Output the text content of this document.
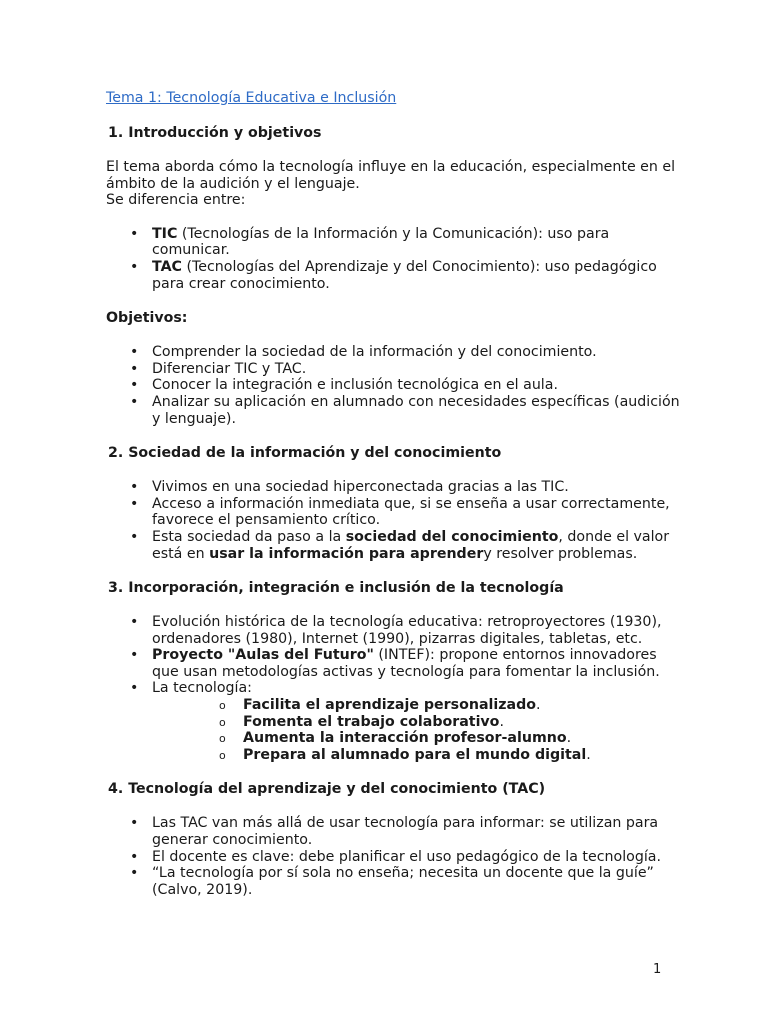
Tema 1: Tecnología Educativa e Inclusión
1. Introducción y objetivos

El tema aborda cómo la tecnología influye en la educación, especialmente en el ámbito de la audición y el lenguaje.
Se diferencia entre:

• TIC (Tecnologías de la Información y la Comunicación): uso para comunicar.
• TAC (Tecnologías del Aprendizaje y del Conocimiento): uso pedagógico para crear conocimiento.
Objetivos:
• Comprender la sociedad de la información y del conocimiento.
• Diferenciar TIC y TAC.
• Conocer la integración e inclusión tecnológica en el aula.
• Analizar su aplicación en alumnado con necesidades específicas (audición y lenguaje).
2. Sociedad de la información y del conocimiento
• Vivimos en una sociedad hiperconectada gracias a las TIC.
• Acceso a información inmediata que, si se enseña a usar correctamente, favorece el pensamiento crítico.
• Esta sociedad da paso a la sociedad del conocimiento, donde el valor está en usar la información para aprendery resolver problemas.
3. Incorporación, integración e inclusión de la tecnología
• Evolución histórica de la tecnología educativa: retroproyectores (1930), ordenadores (1980), Internet (1990), pizarras digitales, tabletas, etc.
• Proyecto "Aulas del Futuro" (INTEF): propone entornos innovadores que usan metodologías activas y tecnología para fomentar la inclusión.
• La tecnología:
o Facilita el aprendizaje personalizado.
o Fomenta el trabajo colaborativo.
o Aumenta la interacción profesor-alumno.
o Prepara al alumnado para el mundo digital.
4. Tecnología del aprendizaje y del conocimiento (TAC)
• Las TAC van más allá de usar tecnología para informar: se utilizan para generar conocimiento.
• El docente es clave: debe planificar el uso pedagógico de la tecnología.
• “La tecnología por sí sola no enseña; necesita un docente que la guíe” (Calvo, 2019).
1
